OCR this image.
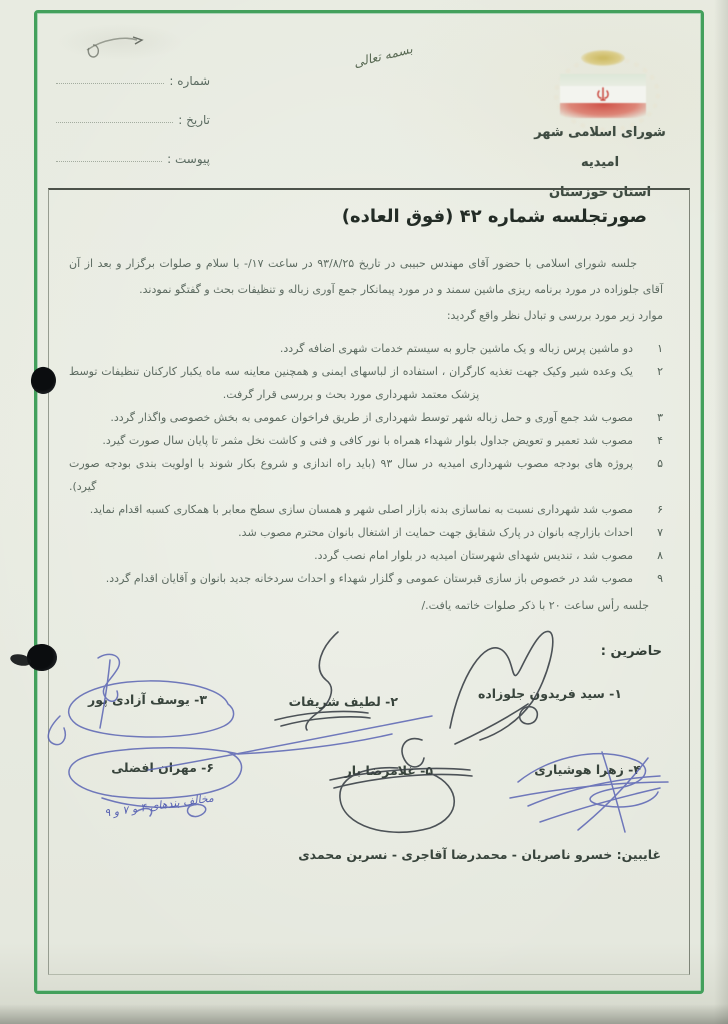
بسمه تعالی
شورای اسلامی شهر امیدیه
استان خوزستان
شماره :
تاریخ :
پیوست :
صورتجلسه شماره ۴۲ (فوق العاده)

جلسه شورای اسلامی با حضور آقای مهندس حبیبی در تاریخ ۹۳/۸/۲۵ در ساعت ۱۷/- با سلام و صلوات برگزار و بعد از آن آقای جلوزاده در مورد برنامه ریزی ماشین سمند و در مورد پیمانکار جمع آوری زباله و تنظیفات بحث و گفتگو نمودند.

موارد زیر مورد بررسی و تبادل نظر واقع گردید:

۱
دو ماشین پرس زباله و یک ماشین جارو به سیستم خدمات شهری اضافه گردد.
۲
یک وعده شیر وکیک جهت تغذیه کارگران ، استفاده از لباسهای ایمنی و همچنین معاینه سه ماه یکبار کارکنان تنظیفات توسط پزشک معتمد شهرداری مورد بحث و بررسی قرار گرفت.
۳
مصوب شد جمع آوری و حمل زباله شهر توسط شهرداری از طریق فراخوان عمومی به بخش خصوصی واگذار گردد.
۴
مصوب شد تعمیر و تعویض جداول بلوار شهداء همراه با نور کافی و فنی و کاشت نخل مثمر تا پایان سال صورت گیرد.
۵
پروژه های بودجه مصوب شهرداری امیدیه در سال ۹۳ (باید راه اندازی و شروع بکار شوند با اولویت بندی بودجه صورت گیرد).
۶
مصوب شد شهرداری نسبت به نماسازی بدنه بازار اصلی شهر و همسان سازی سطح معابر با همکاری کسبه اقدام نماید.
۷
احداث بازارچه بانوان در پارک شقایق جهت حمایت از اشتغال بانوان محترم مصوب شد.
۸
مصوب شد ، تندیس شهدای شهرستان امیدیه در بلوار امام نصب گردد.
۹
مصوب شد در خصوص باز سازی قبرستان عمومی و گلزار شهداء و احداث سردخانه جدید بانوان و آقایان اقدام گردد.

جلسه رأس ساعت ۲۰ با ذکر صلوات خاتمه یافت./

حاضرین :
۱- سید فریدون جلوزاده
۲- لطیف شریفات
۳- یوسف آزادی پور
۴- زهرا هوشیاری
۵- غلامرضا بار
۶- مهران افضلی
مخالف بندهای ۴ و ۷ و ۹
غایبین: خسرو ناصریان - محمدرضا آقاجری - نسرین محمدی
